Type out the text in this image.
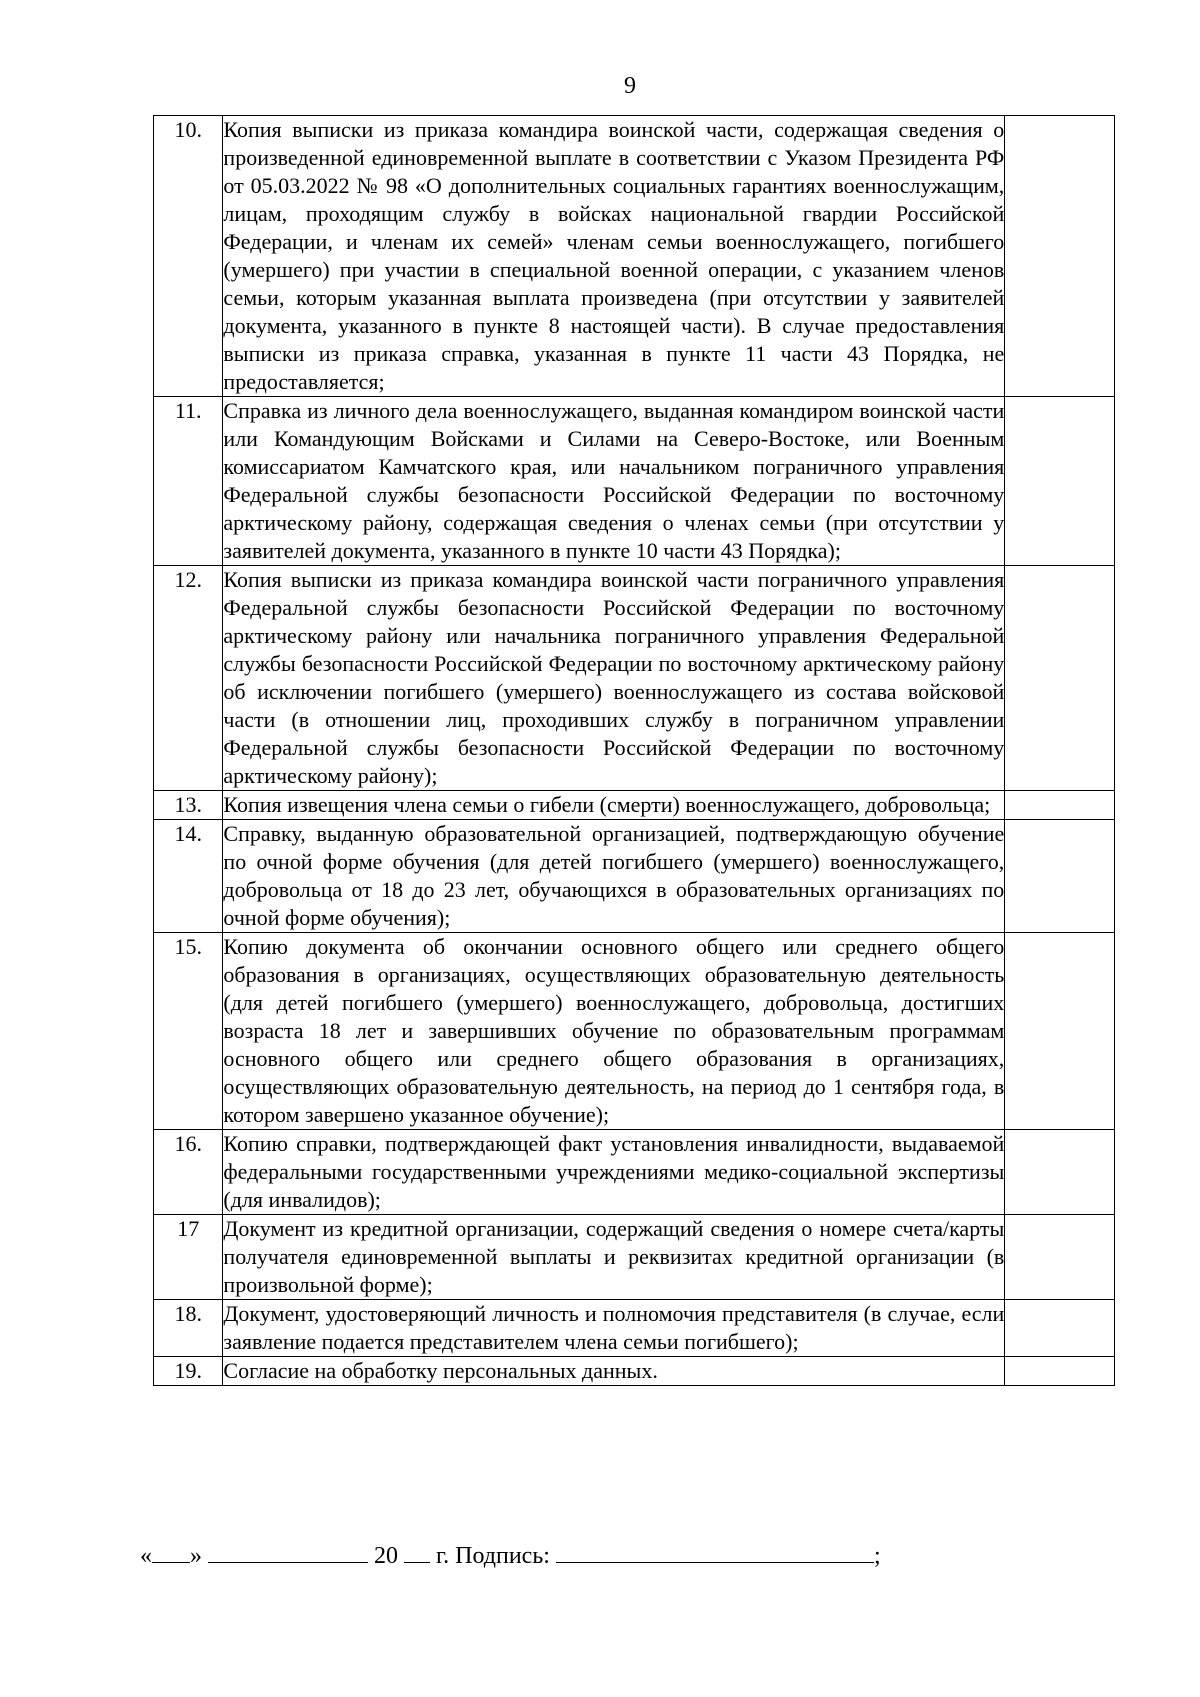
9
10.	Копия выписки из приказа командира воинской части, содержащая сведения о произведенной единовременной выплате в соответствии с Указом Президента РФ от 05.03.2022 № 98 «О дополнительных социальных гарантиях военнослужащим, лицам, проходящим службу в войсках национальной гвардии Российской Федерации, и членам их семей» членам семьи военнослужащего, погибшего (умершего) при участии в специальной военной операции, с указанием членов семьи, которым указанная выплата произведена (при отсутствии у заявителей документа, указанного в пункте 8 настоящей части). В случае предоставления выписки из приказа справка, указанная в пункте 11 части 43 Порядка, не предоставляется;	
11.	Справка из личного дела военнослужащего, выданная командиром воинской части или Командующим Войсками и Силами на Северо-Востоке, или Военным комиссариатом Камчатского края, или начальником пограничного управления Федеральной службы безопасности Российской Федерации по восточному арктическому району, содержащая сведения о членах семьи (при отсутствии у заявителей документа, указанного в пункте 10 части 43 Порядка);	
12.	Копия выписки из приказа командира воинской части пограничного управления Федеральной службы безопасности Российской Федерации по восточному арктическому району или начальника пограничного управления Федеральной службы безопасности Российской Федерации по восточному арктическому району об исключении погибшего (умершего) военнослужащего из состава войсковой части (в отношении лиц, проходивших службу в пограничном управлении Федеральной службы безопасности Российской Федерации по восточному арктическому району);	
13.	Копия извещения члена семьи о гибели (смерти) военнослужащего, добровольца;	
14.	Справку, выданную образовательной организацией, подтверждающую обучение по очной форме обучения (для детей погибшего (умершего) военнослужащего, добровольца от 18 до 23 лет, обучающихся в образовательных организациях по очной форме обучения);	
15.	Копию документа об окончании основного общего или среднего общего образования в организациях, осуществляющих образовательную деятельность (для детей погибшего (умершего) военнослужащего, добровольца, достигших возраста 18 лет и завершивших обучение по образовательным программам основного общего или среднего общего образования в организациях, осуществляющих образовательную деятельность, на период до 1 сентября года, в котором завершено указанное обучение);	
16.	Копию справки, подтверждающей факт установления инвалидности, выдаваемой федеральными государственными учреждениями медико-социальной экспертизы (для инвалидов);	
17	Документ из кредитной организации, содержащий сведения о номере счета/карты получателя единовременной выплаты и реквизитах кредитной организации (в произвольной форме);	
18.	Документ, удостоверяющий личность и полномочия представителя (в случае, если заявление подается представителем члена семьи погибшего);	
19.	Согласие на обработку персональных данных.	
« »	20 г. Подпись:	;
